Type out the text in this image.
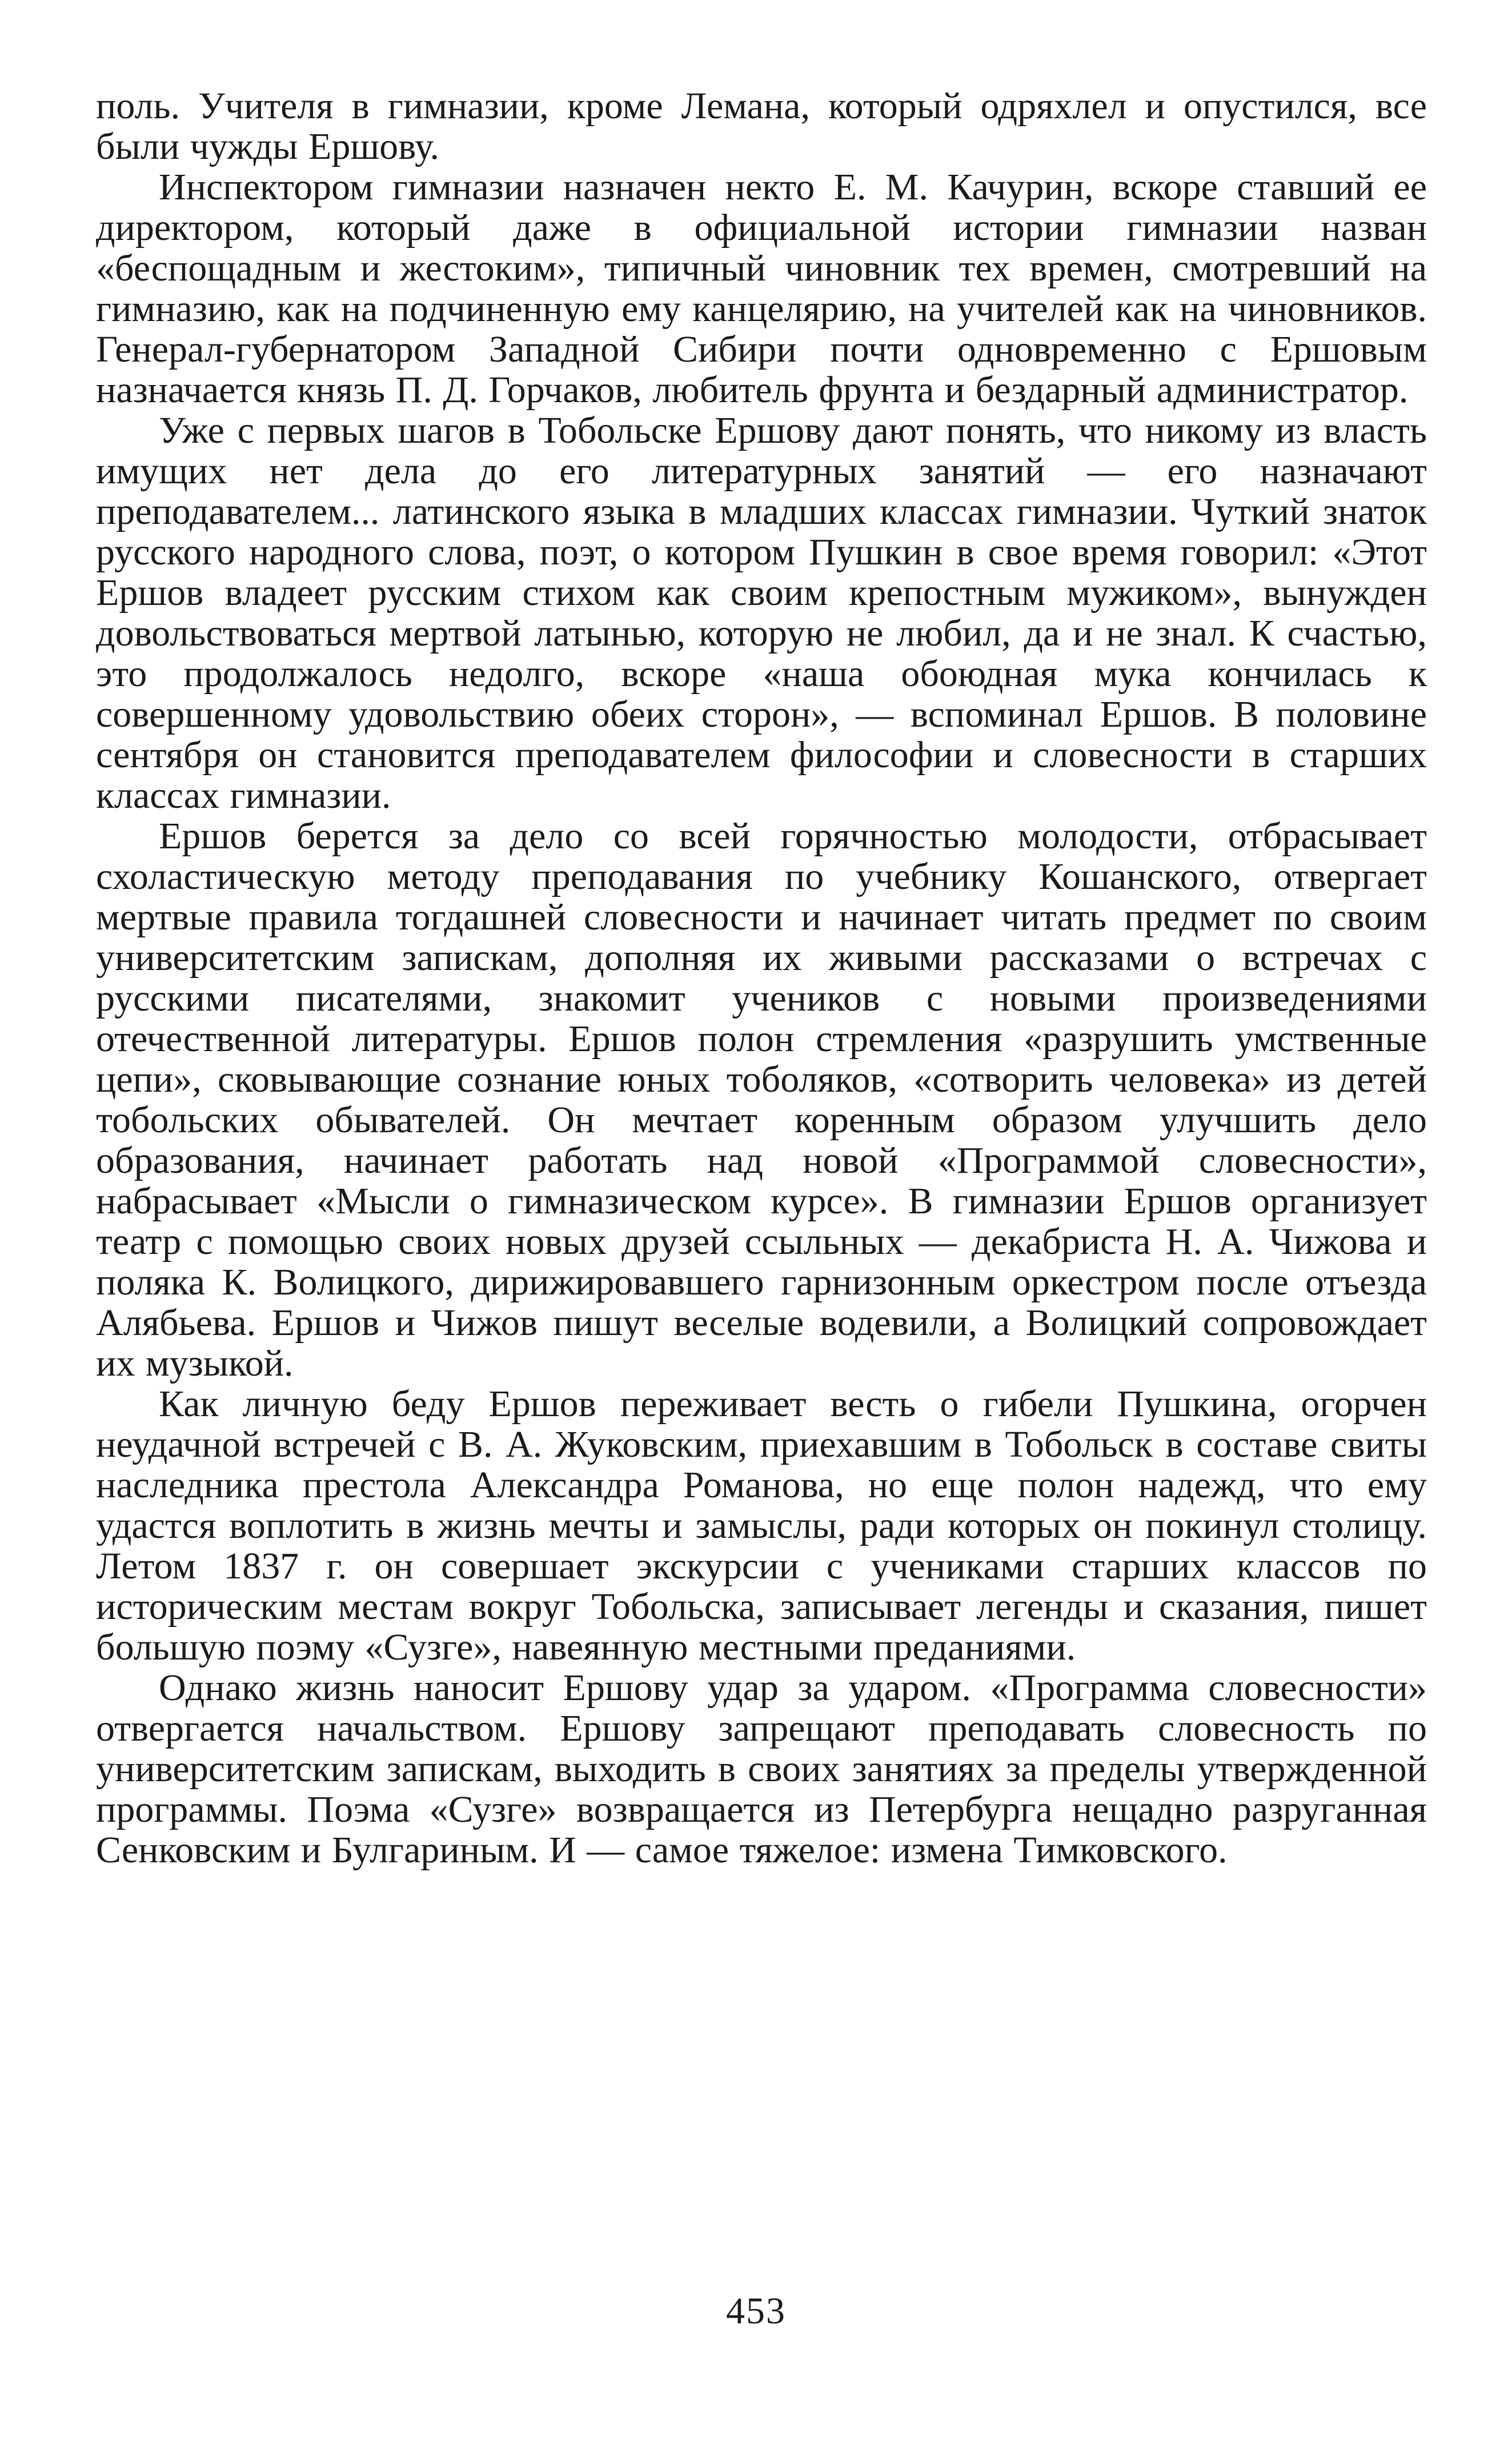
поль. Учителя в гимназии, кроме Лемана, который одряхлел и опустился, все были чужды Ершову.

Инспектором гимназии назначен некто Е. М. Качурин, вскоре ставший ее директором, который даже в официальной истории гимназии назван «беспощадным и жестоким», типичный чиновник тех времен, смотревший на гимназию, как на подчиненную ему канцелярию, на учителей как на чиновников. Генерал-губернатором Западной Сибири почти одновременно с Ершовым назначается князь П. Д. Горчаков, любитель фрунта и бездарный администратор.

Уже с первых шагов в Тобольске Ершову дают понять, что никому из власть имущих нет дела до его литературных занятий — его назначают преподавателем... латинского языка в младших классах гимназии. Чуткий знаток русского народного слова, поэт, о котором Пушкин в свое время говорил: «Этот Ершов владеет русским стихом как своим крепостным мужиком», вынужден довольствоваться мертвой латынью, которую не любил, да и не знал. К счастью, это продолжалось недолго, вскоре «наша обоюдная мука кончилась к совершенному удовольствию обеих сторон», — вспоминал Ершов. В половине сентября он становится преподавателем философии и словесности в старших классах гимназии.

Ершов берется за дело со всей горячностью молодости, отбрасывает схоластическую методу преподавания по учебнику Кошанского, отвергает мертвые правила тогдашней словесности и начинает читать предмет по своим университетским запискам, дополняя их живыми рассказами о встречах с русскими писателями, знакомит учеников с новыми произведениями отечественной литературы. Ершов полон стремления «разрушить умственные цепи», сковывающие сознание юных тоболяков, «сотворить человека» из детей тобольских обывателей. Он мечтает коренным образом улучшить дело образования, начинает работать над новой «Программой словесности», набрасывает «Мысли о гимназическом курсе». В гимназии Ершов организует театр с помощью своих новых друзей ссыльных — декабриста Н. А. Чижова и поляка К. Волицкого, дирижировавшего гарнизонным оркестром после отъезда Алябьева. Ершов и Чижов пишут веселые водевили, а Волицкий сопровождает их музыкой.

Как личную беду Ершов переживает весть о гибели Пушкина, огорчен неудачной встречей с В. А. Жуковским, приехавшим в Тобольск в составе свиты наследника престола Александра Романова, но еще полон надежд, что ему удастся воплотить в жизнь мечты и замыслы, ради которых он покинул столицу. Летом 1837 г. он совершает экскурсии с учениками старших классов по историческим местам вокруг Тобольска, записывает легенды и сказания, пишет большую поэму «Сузге», навеянную местными преданиями.

Однако жизнь наносит Ершову удар за ударом. «Программа словесности» отвергается начальством. Ершову запрещают преподавать словесность по университетским запискам, выходить в своих занятиях за пределы утвержденной программы. Поэма «Сузге» возвращается из Петербурга нещадно разруганная Сенковским и Булгариным. И — самое тяжелое: измена Тимковского.

453
